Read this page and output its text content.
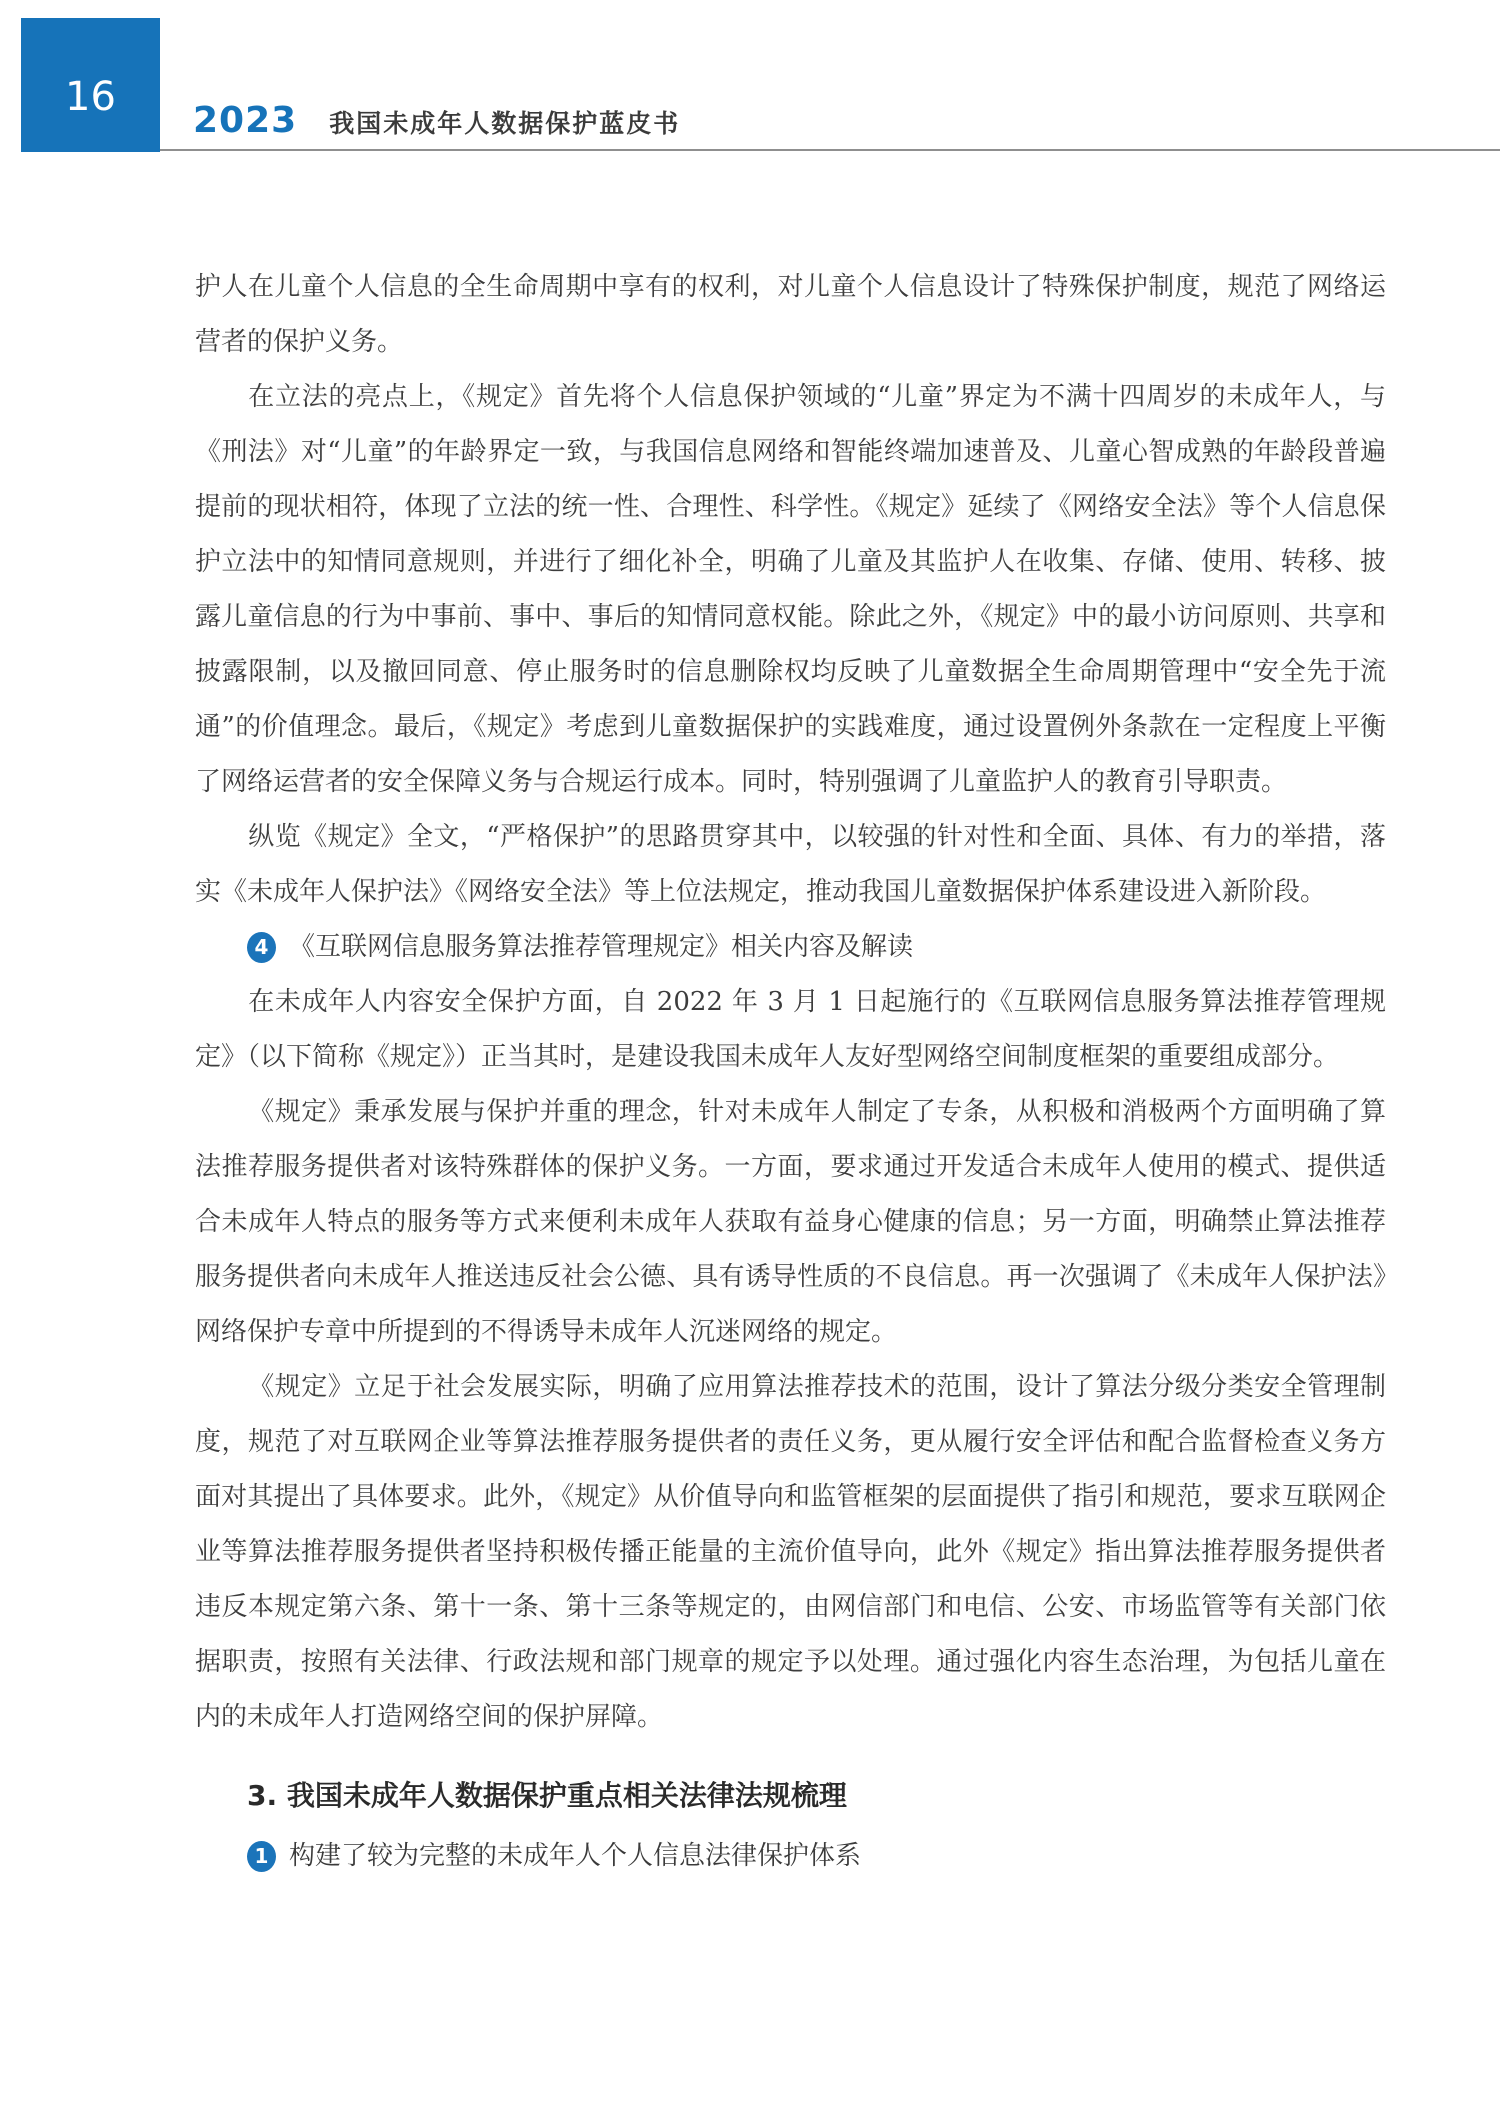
16
2023 我国未成年人数据保护蓝皮书

护人在儿童个人信息的全生命周期中享有的权利，对儿童个人信息设计了特殊保护制度，规范了网络运营者的保护义务。

在立法的亮点上，《规定》首先将个人信息保护领域的“儿童”界定为不满十四周岁的未成年人，与《刑法》对“儿童”的年龄界定一致，与我国信息网络和智能终端加速普及、儿童心智成熟的年龄段普遍提前的现状相符，体现了立法的统一性、合理性、科学性。《规定》延续了《网络安全法》等个人信息保护立法中的知情同意规则，并进行了细化补全，明确了儿童及其监护人在收集、存储、使用、转移、披露儿童信息的行为中事前、事中、事后的知情同意权能。除此之外，《规定》中的最小访问原则、共享和披露限制，以及撤回同意、停止服务时的信息删除权均反映了儿童数据全生命周期管理中“安全先于流通”的价值理念。最后，《规定》考虑到儿童数据保护的实践难度，通过设置例外条款在一定程度上平衡了网络运营者的安全保障义务与合规运行成本。同时，特别强调了儿童监护人的教育引导职责。

纵览《规定》全文，“严格保护”的思路贯穿其中，以较强的针对性和全面、具体、有力的举措，落实《未成年人保护法》《网络安全法》等上位法规定，推动我国儿童数据保护体系建设进入新阶段。

4 《互联网信息服务算法推荐管理规定》相关内容及解读

在未成年人内容安全保护方面，自 2022 年 3 月 1 日起施行的《互联网信息服务算法推荐管理规定》（以下简称《规定》）正当其时，是建设我国未成年人友好型网络空间制度框架的重要组成部分。

《规定》秉承发展与保护并重的理念，针对未成年人制定了专条，从积极和消极两个方面明确了算法推荐服务提供者对该特殊群体的保护义务。一方面，要求通过开发适合未成年人使用的模式、提供适合未成年人特点的服务等方式来便利未成年人获取有益身心健康的信息；另一方面，明确禁止算法推荐服务提供者向未成年人推送违反社会公德、具有诱导性质的不良信息。再一次强调了《未成年人保护法》网络保护专章中所提到的不得诱导未成年人沉迷网络的规定。

《规定》立足于社会发展实际，明确了应用算法推荐技术的范围，设计了算法分级分类安全管理制度，规范了对互联网企业等算法推荐服务提供者的责任义务，更从履行安全评估和配合监督检查义务方面对其提出了具体要求。此外，《规定》从价值导向和监管框架的层面提供了指引和规范，要求互联网企业等算法推荐服务提供者坚持积极传播正能量的主流价值导向，此外《规定》指出算法推荐服务提供者违反本规定第六条、第十一条、第十三条等规定的，由网信部门和电信、公安、市场监管等有关部门依据职责，按照有关法律、行政法规和部门规章的规定予以处理。通过强化内容生态治理，为包括儿童在内的未成年人打造网络空间的保护屏障。

3. 我国未成年人数据保护重点相关法律法规梳理
1 构建了较为完整的未成年人个人信息法律保护体系
